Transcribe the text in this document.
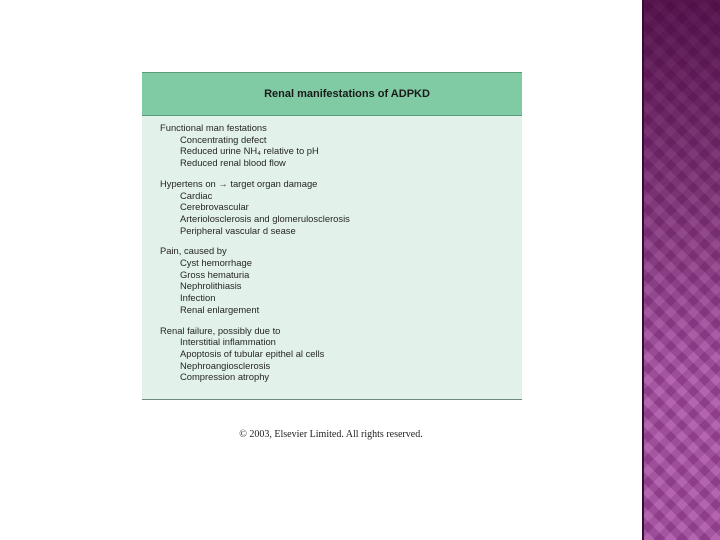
Renal manifestations of ADPKD
Functional man festations
Concentrating defect
Reduced urine NH₄ relative to pH
Reduced renal blood flow
Hypertens on → target organ damage
Cardiac
Cerebrovascular
Arteriolosclerosis and glomerulosclerosis
Peripheral vascular d sease
Pain, caused by
Cyst hemorrhage
Gross hematuria
Nephrolithiasis
Infection
Renal enlargement
Renal failure, possibly due to
Interstitial inflammation
Apoptosis of tubular epithel al cells
Nephroangiosclerosis
Compression atrophy
© 2003, Elsevier Limited. All rights reserved.
